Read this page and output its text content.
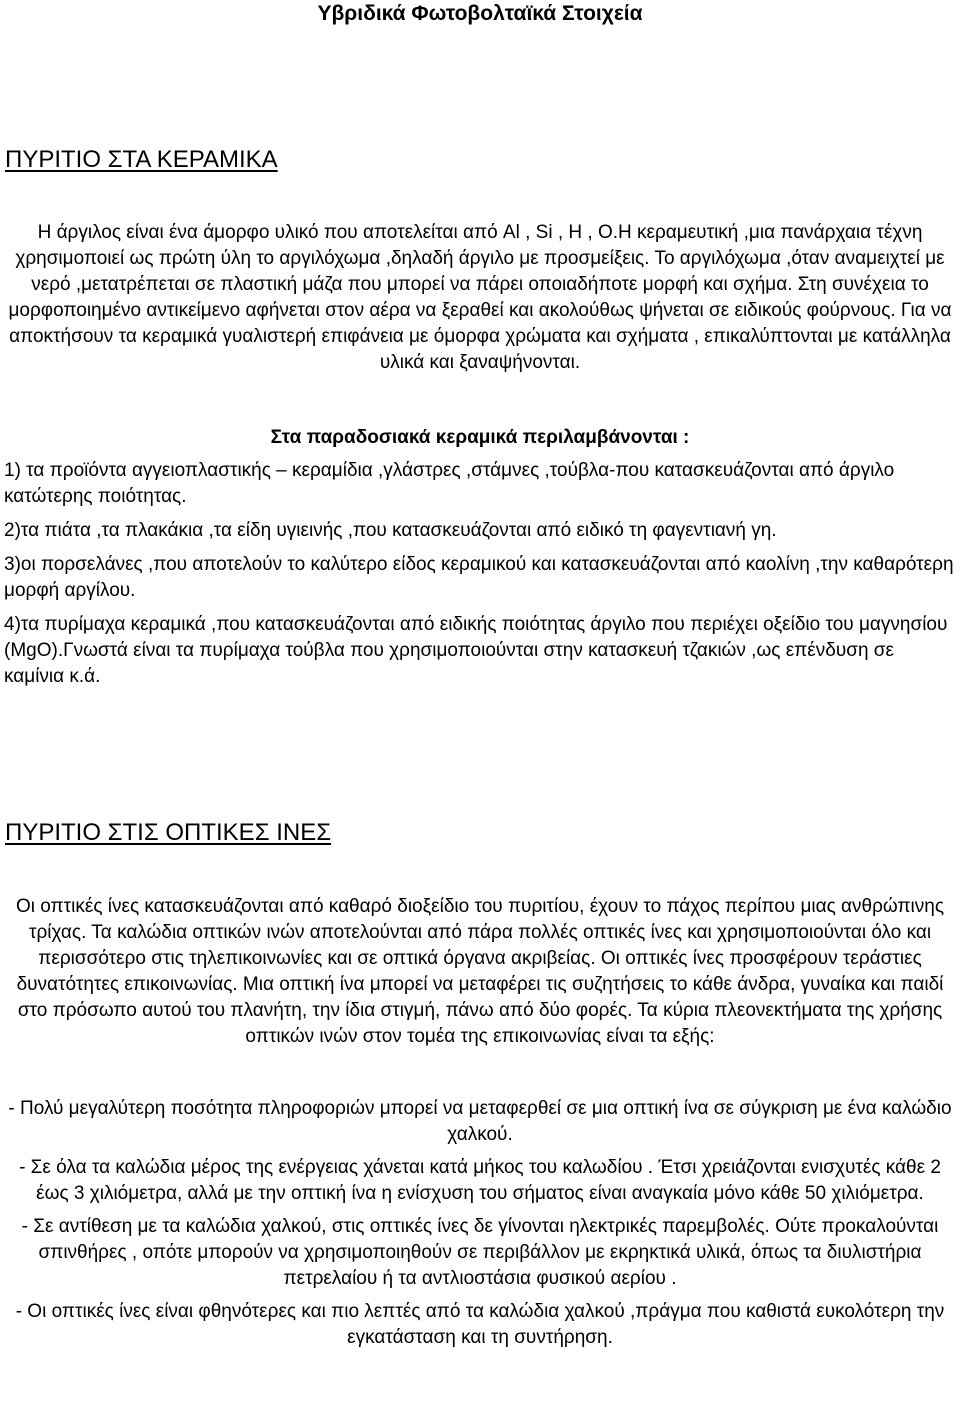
Υβριδικά Φωτοβολταϊκά Στοιχεία
ΠΥΡΙΤΙΟ ΣΤΑ ΚΕΡΑΜΙΚΑ

Η άργιλος είναι ένα άμορφο υλικό που αποτελείται από Al , Si , H , O.Η κεραμευτική ,μια πανάρχαια τέχνη χρησιμοποιεί ως πρώτη ύλη το αργιλόχωμα ,δηλαδή άργιλο με προσμείξεις. Το αργιλόχωμα ,όταν αναμειχτεί με νερό ,μετατρέπεται σε πλαστική μάζα που μπορεί να πάρει οποιαδήποτε μορφή και σχήμα. Στη συνέχεια το μορφοποιημένο αντικείμενο αφήνεται στον αέρα να ξεραθεί και ακολούθως ψήνεται σε ειδικούς φούρνους. Για να αποκτήσουν τα κεραμικά γυαλιστερή επιφάνεια με όμορφα χρώματα και σχήματα , επικαλύπτονται με κατάλληλα υλικά και ξαναψήνονται.

Στα παραδοσιακά κεραμικά περιλαμβάνονται :

1) τα προϊόντα αγγειοπλαστικής – κεραμίδια ,γλάστρες ,στάμνες ,τούβλα-που κατασκευάζονται από άργιλο κατώτερης ποιότητας.

2)τα πιάτα ,τα πλακάκια ,τα είδη υγιεινής ,που κατασκευάζονται από ειδικό τη φαγεντιανή γη.

3)οι πορσελάνες ,που αποτελούν το καλύτερο είδος κεραμικού και κατασκευάζονται από καολίνη ,την καθαρότερη μορφή αργίλου.

4)τα πυρίμαχα κεραμικά ,που κατασκευάζονται από ειδικής ποιότητας άργιλο που περιέχει οξείδιο του μαγνησίου (MgO).Γνωστά είναι τα πυρίμαχα τούβλα που χρησιμοποιούνται στην κατασκευή τζακιών ,ως επένδυση σε καμίνια κ.ά.

ΠΥΡΙΤΙΟ ΣΤΙΣ ΟΠΤΙΚΕΣ ΙΝΕΣ

Οι οπτικές ίνες κατασκευάζονται από καθαρό διοξείδιο του πυριτίου, έχουν το πάχος περίπου μιας ανθρώπινης τρίχας. Τα καλώδια οπτικών ινών αποτελούνται από πάρα πολλές οπτικές ίνες και χρησιμοποιούνται όλο και περισσότερο στις τηλεπικοινωνίες και σε οπτικά όργανα ακριβείας. Οι οπτικές ίνες προσφέρουν τεράστιες δυνατότητες επικοινωνίας. Μια οπτική ίνα μπορεί να μεταφέρει τις συζητήσεις το κάθε άνδρα, γυναίκα και παιδί στο πρόσωπο αυτού του πλανήτη, την ίδια στιγμή, πάνω από δύο φορές. Τα κύρια πλεονεκτήματα της χρήσης οπτικών ινών στον τομέα της επικοινωνίας είναι τα εξής:

- Πολύ μεγαλύτερη ποσότητα πληροφοριών μπορεί να μεταφερθεί σε μια οπτική ίνα σε σύγκριση με ένα καλώδιο χαλκού.

- Σε όλα τα καλώδια μέρος της ενέργειας χάνεται κατά μήκος του καλωδίου . Έτσι χρειάζονται ενισχυτές κάθε 2 έως 3 χιλιόμετρα, αλλά με την οπτική ίνα η ενίσχυση του σήματος είναι αναγκαία μόνο κάθε 50 χιλιόμετρα.

- Σε αντίθεση με τα καλώδια χαλκού, στις οπτικές ίνες δε γίνονται ηλεκτρικές παρεμβολές. Ούτε προκαλούνται σπινθήρες , οπότε μπορούν να χρησιμοποιηθούν σε περιβάλλον με εκρηκτικά υλικά, όπως τα διυλιστήρια πετρελαίου ή τα αντλιοστάσια φυσικού αερίου .

- Οι οπτικές ίνες είναι φθηνότερες και πιο λεπτές από τα καλώδια χαλκού ,πράγμα που καθιστά ευκολότερη την εγκατάσταση και τη συντήρηση.
